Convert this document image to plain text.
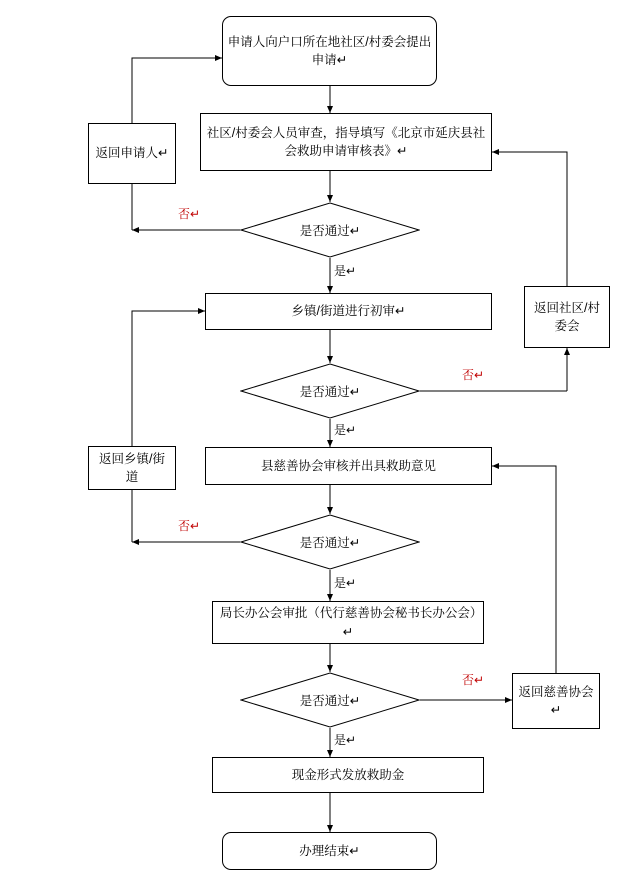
申请人向户口所在地社区/村委会提出申请↵
社区/村委会人员审查，指导填写《北京市延庆县社会救助申请审核表》↵
返回申请人↵
是否通过↵
乡镇/街道进行初审↵	返回社区/村委会
是否通过↵
返回乡镇/街道
县慈善协会审核并出具救助意见
是否通过↵
局长办公会审批（代行慈善协会秘书长办公会）↵
是否通过↵
返回慈善协会↵
现金形式发放救助金
办理结束↵
否↵
是↵
否↵
是↵
否↵
是↵
否↵
是↵
